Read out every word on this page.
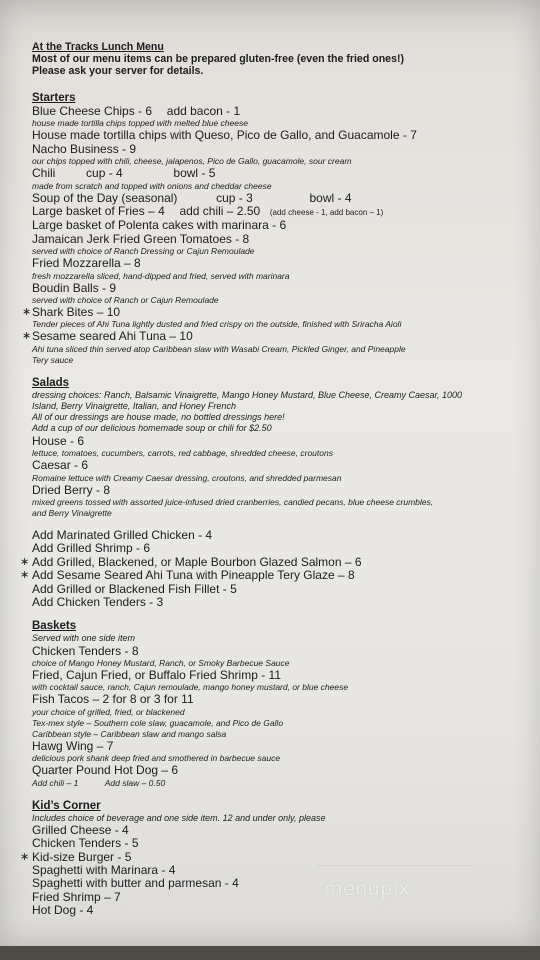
At the Tracks Lunch Menu
Most of our menu items can be prepared gluten-free (even the fried ones!)
Please ask your server for details.
Starters
Blue Cheese Chips - 6 add bacon - 1
house made tortilla chips topped with melted blue cheese
House made tortilla chips with Queso, Pico de Gallo, and Guacamole - 7
Nacho Business - 9
our chips topped with chili, cheese, jalapenos, Pico de Gallo, guacamole, sour cream
Chili	cup - 4	bowl - 5
made from scratch and topped with onions and cheddar cheese
Soup of the Day (seasonal)	cup - 3	bowl - 4
Large basket of Fries – 4 add chili – 2.50 (add cheese - 1, add bacon – 1)
Large basket of Polenta cakes with marinara - 6
Jamaican Jerk Fried Green Tomatoes - 8
served with choice of Ranch Dressing or Cajun Remoulade
Fried Mozzarella – 8
fresh mozzarella sliced, hand-dipped and fried, served with marinara
Boudin Balls - 9
served with choice of Ranch or Cajun Remoulade
∗ Shark Bites – 10
Tender pieces of Ahi Tuna lightly dusted and fried crispy on the outside, finished with Sriracha Aioli
∗ Sesame seared Ahi Tuna – 10
Ahi tuna sliced thin served atop Caribbean slaw with Wasabi Cream, Pickled Ginger, and Pineapple
Tery sauce
Salads
dressing choices: Ranch, Balsamic Vinaigrette, Mango Honey Mustard, Blue Cheese, Creamy Caesar, 1000
Island, Berry Vinaigrette, Italian, and Honey French
All of our dressings are house made, no bottled dressings here!
Add a cup of our delicious homemade soup or chili for $2.50
House - 6
lettuce, tomatoes, cucumbers, carrots, red cabbage, shredded cheese, croutons
Caesar - 6
Romaine lettuce with Creamy Caesar dressing, croutons, and shredded parmesan
Dried Berry - 8
mixed greens tossed with assorted juice-infused dried cranberries, candied pecans, blue cheese crumbles,
and Berry Vinaigrette
Add Marinated Grilled Chicken - 4
Add Grilled Shrimp - 6
∗ Add Grilled, Blackened, or Maple Bourbon Glazed Salmon – 6
∗ Add Sesame Seared Ahi Tuna with Pineapple Tery Glaze – 8
Add Grilled or Blackened Fish Fillet - 5
Add Chicken Tenders - 3
Baskets
Served with one side item
Chicken Tenders - 8
choice of Mango Honey Mustard, Ranch, or Smoky Barbecue Sauce
Fried, Cajun Fried, or Buffalo Fried Shrimp - 11
with cocktail sauce, ranch, Cajun remoulade, mango honey mustard, or blue cheese
Fish Tacos – 2 for 8 or 3 for 11
your choice of grilled, fried, or blackened
Tex-mex style – Southern cole slaw, guacamole, and Pico de Gallo
Caribbean style – Caribbean slaw and mango salsa
Hawg Wing – 7
delicious pork shank deep fried and smothered in barbecue sauce
Quarter Pound Hot Dog – 6
Add chili – 1	Add slaw – 0.50
Kid’s Corner
Includes choice of beverage and one side item. 12 and under only, please
Grilled Cheese - 4
Chicken Tenders - 5
∗ Kid-size Burger - 5
Spaghetti with Marinara - 4
Spaghetti with butter and parmesan - 4
Fried Shrimp – 7
Hot Dog - 4
menupix
